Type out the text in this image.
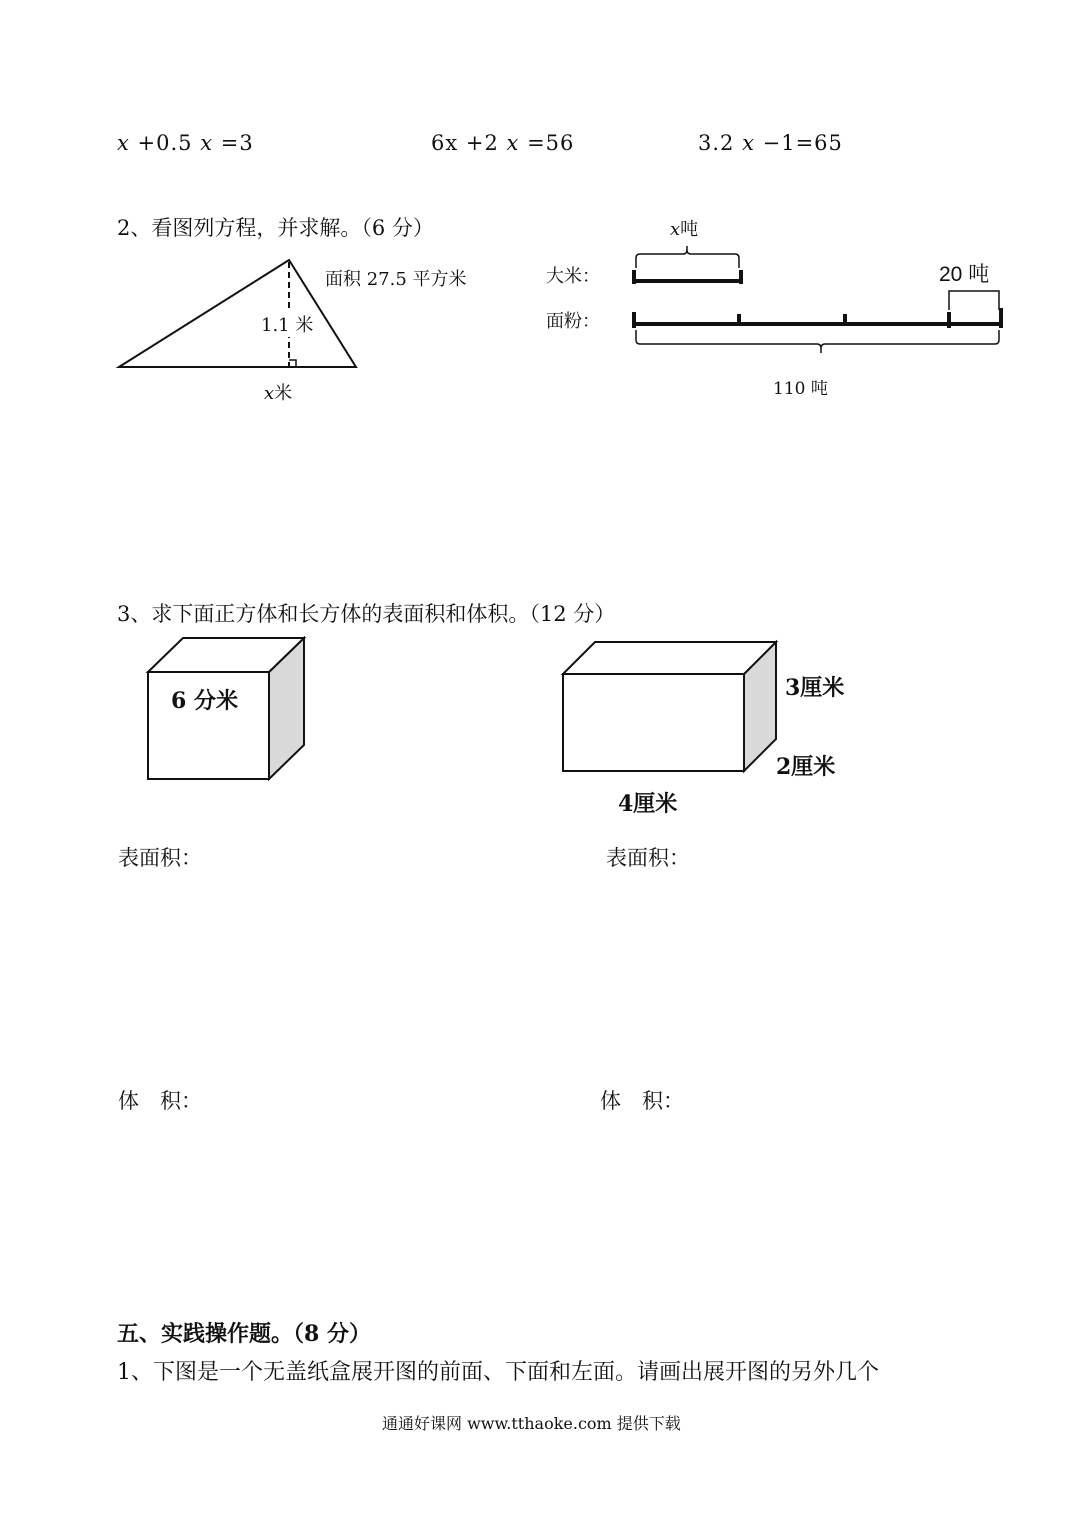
x +0.5 x =3	6x +2 x =56	3.2 x −1=65
2、看图列方程，并求解。（6 分）
面积 27.5 平方米
1.1 米
x米
x吨
大米：
面粉：
20 吨
110 吨
3、求下面正方体和长方体的表面积和体积。（12 分）
6 分米	3厘米
2厘米
4厘米
表面积：	表面积：
体　积：	体　积：
五、实践操作题。（8 分）
1、下图是一个无盖纸盒展开图的前面、下面和左面。请画出展开图的另外几个
通通好课网 www.tthaoke.com 提供下载
